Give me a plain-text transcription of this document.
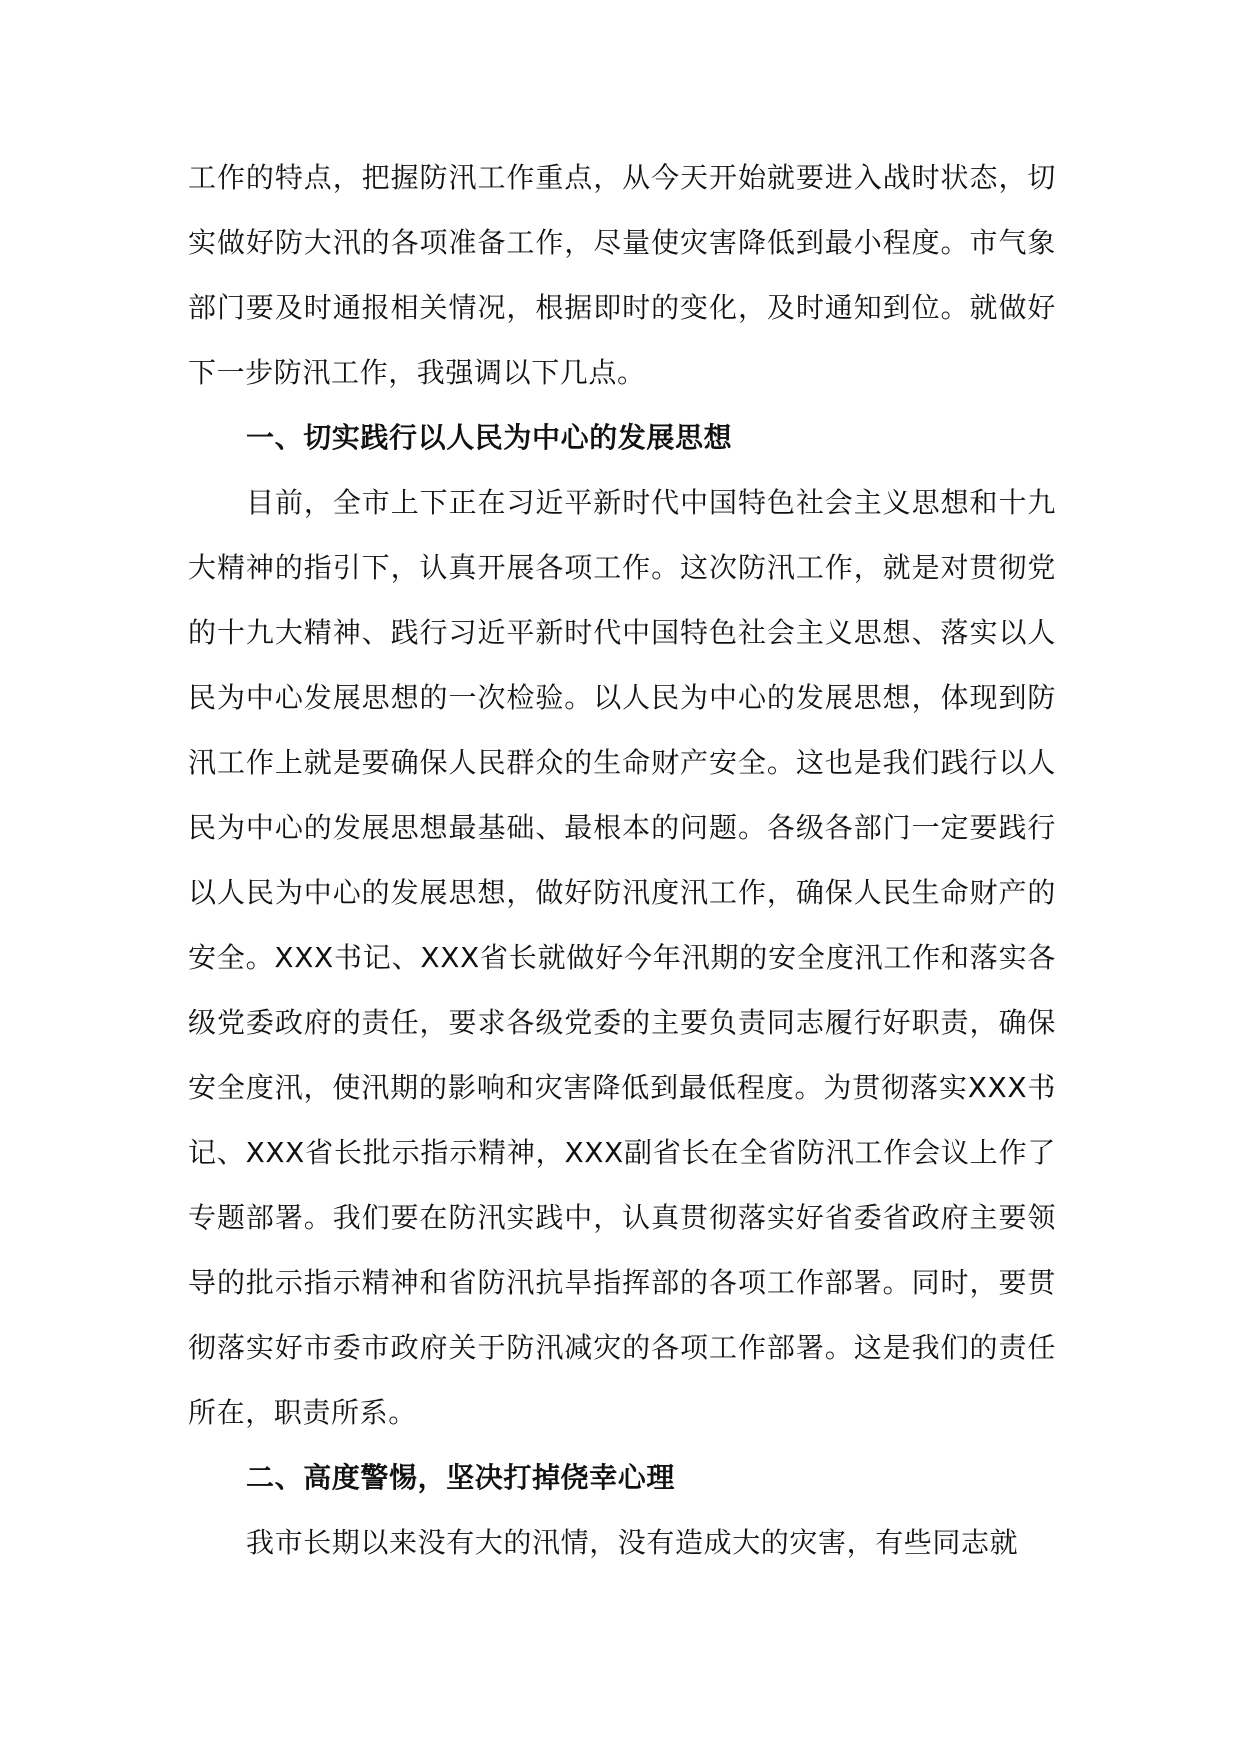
工作的特点，把握防汛工作重点，从今天开始就要进入战时状态，切实做好防大汛的各项准备工作，尽量使灾害降低到最小程度。市气象部门要及时通报相关情况，根据即时的变化，及时通知到位。就做好下一步防汛工作，我强调以下几点。

一、切实践行以人民为中心的发展思想

目前，全市上下正在习近平新时代中国特色社会主义思想和十九大精神的指引下，认真开展各项工作。这次防汛工作，就是对贯彻党的十九大精神、践行习近平新时代中国特色社会主义思想、落实以人民为中心发展思想的一次检验。以人民为中心的发展思想，体现到防汛工作上就是要确保人民群众的生命财产安全。这也是我们践行以人民为中心的发展思想最基础、最根本的问题。各级各部门一定要践行以人民为中心的发展思想，做好防汛度汛工作，确保人民生命财产的安全。XXX书记、XXX省长就做好今年汛期的安全度汛工作和落实各级党委政府的责任，要求各级党委的主要负责同志履行好职责，确保安全度汛，使汛期的影响和灾害降低到最低程度。为贯彻落实XXX书记、XXX省长批示指示精神，XXX副省长在全省防汛工作会议上作了专题部署。我们要在防汛实践中，认真贯彻落实好省委省政府主要领导的批示指示精神和省防汛抗旱指挥部的各项工作部署。同时，要贯彻落实好市委市政府关于防汛减灾的各项工作部署。这是我们的责任所在，职责所系。

二、高度警惕，坚决打掉侥幸心理

我市长期以来没有大的汛情，没有造成大的灾害，有些同志就
